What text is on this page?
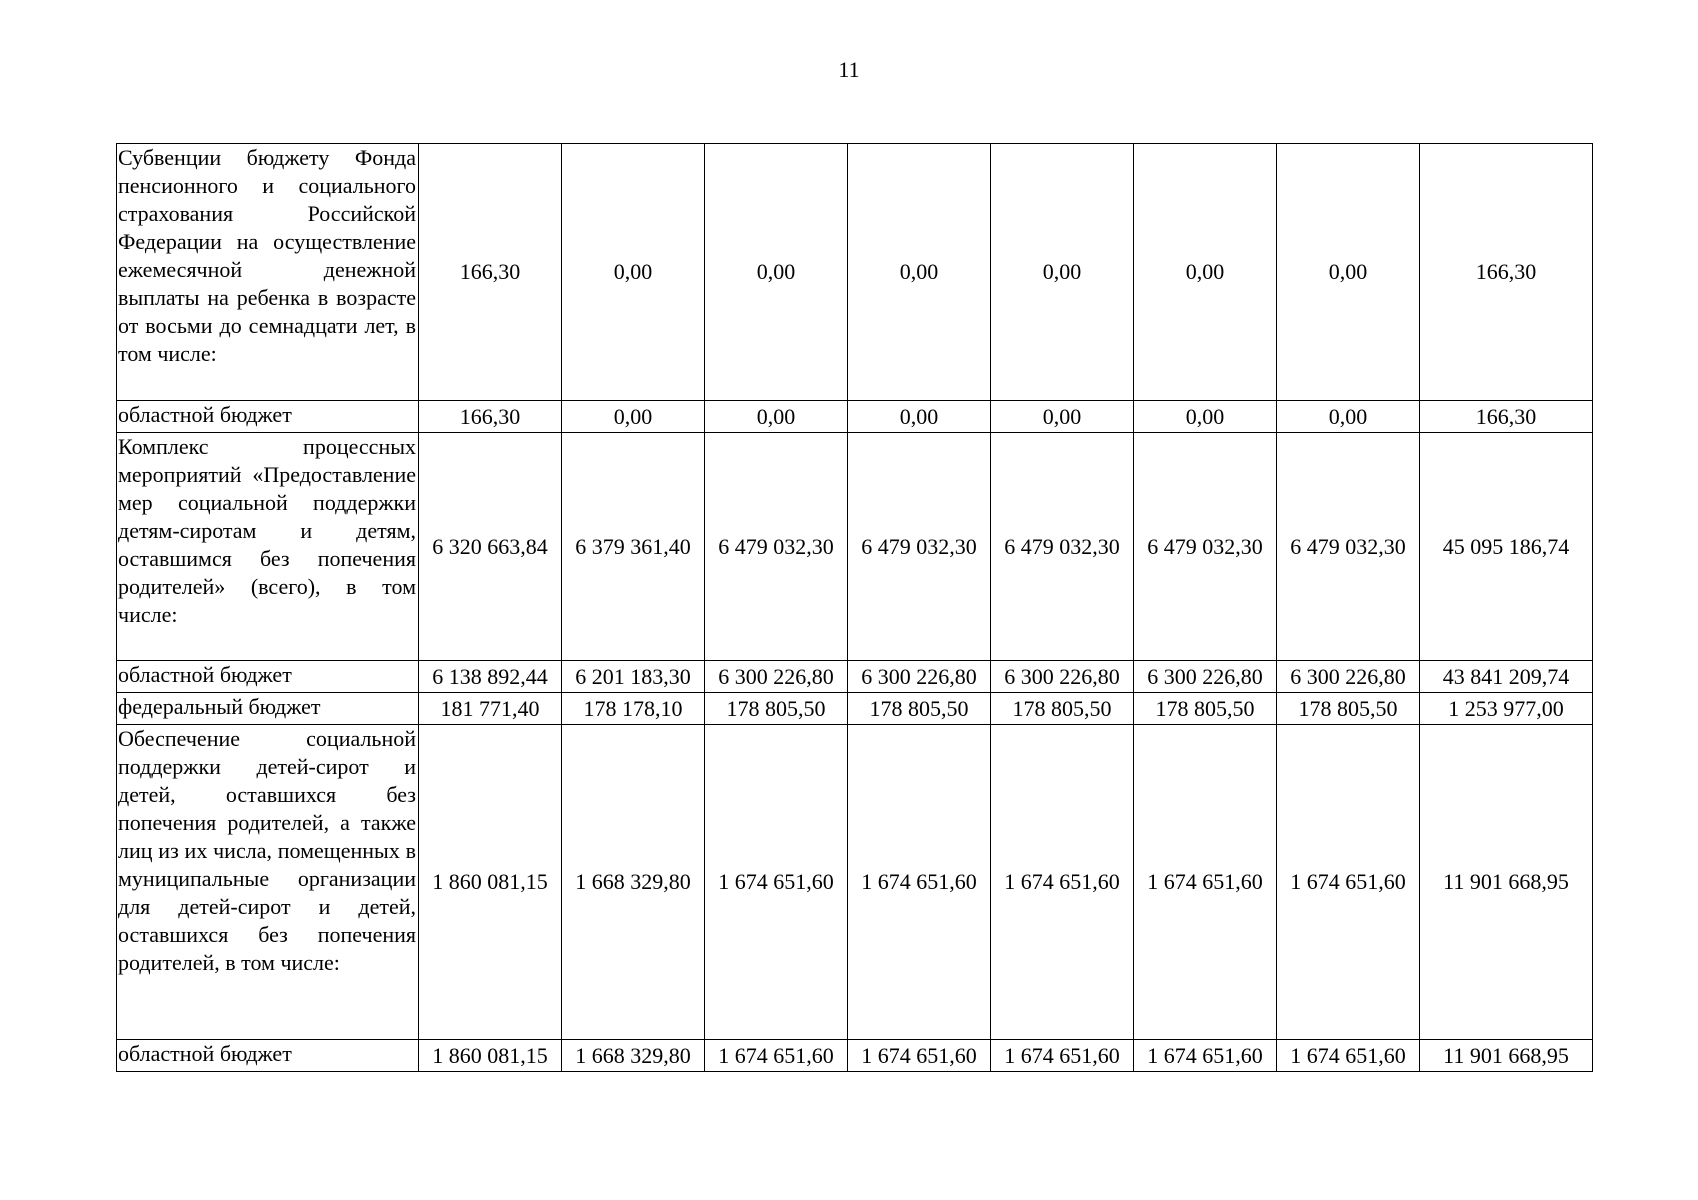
11
Субвенции бюджету Фонда пенсионного и социального страхования Российской Федерации на осуществление ежемесячной денежной выплаты на ребенка в возрасте от восьми до семнадцати лет, в том числе:	166,30	0,00	0,00	0,00	0,00	0,00	0,00	166,30
областной бюджет	166,30	0,00	0,00	0,00	0,00	0,00	0,00	166,30
Комплекс процессных мероприятий «Предоставление мер социальной поддержки детям-сиротам и детям, оставшимся без попечения родителей» (всего), в том числе:	6 320 663,84	6 379 361,40	6 479 032,30	6 479 032,30	6 479 032,30	6 479 032,30	6 479 032,30	45 095 186,74
областной бюджет	6 138 892,44	6 201 183,30	6 300 226,80	6 300 226,80	6 300 226,80	6 300 226,80	6 300 226,80	43 841 209,74
федеральный бюджет	181 771,40	178 178,10	178 805,50	178 805,50	178 805,50	178 805,50	178 805,50	1 253 977,00
Обеспечение социальной поддержки детей-сирот и детей, оставшихся без попечения родителей, а также лиц из их числа, помещенных в муниципальные организации для детей-сирот и детей, оставшихся без попечения родителей, в том числе:	1 860 081,15	1 668 329,80	1 674 651,60	1 674 651,60	1 674 651,60	1 674 651,60	1 674 651,60	11 901 668,95
областной бюджет	1 860 081,15	1 668 329,80	1 674 651,60	1 674 651,60	1 674 651,60	1 674 651,60	1 674 651,60	11 901 668,95
